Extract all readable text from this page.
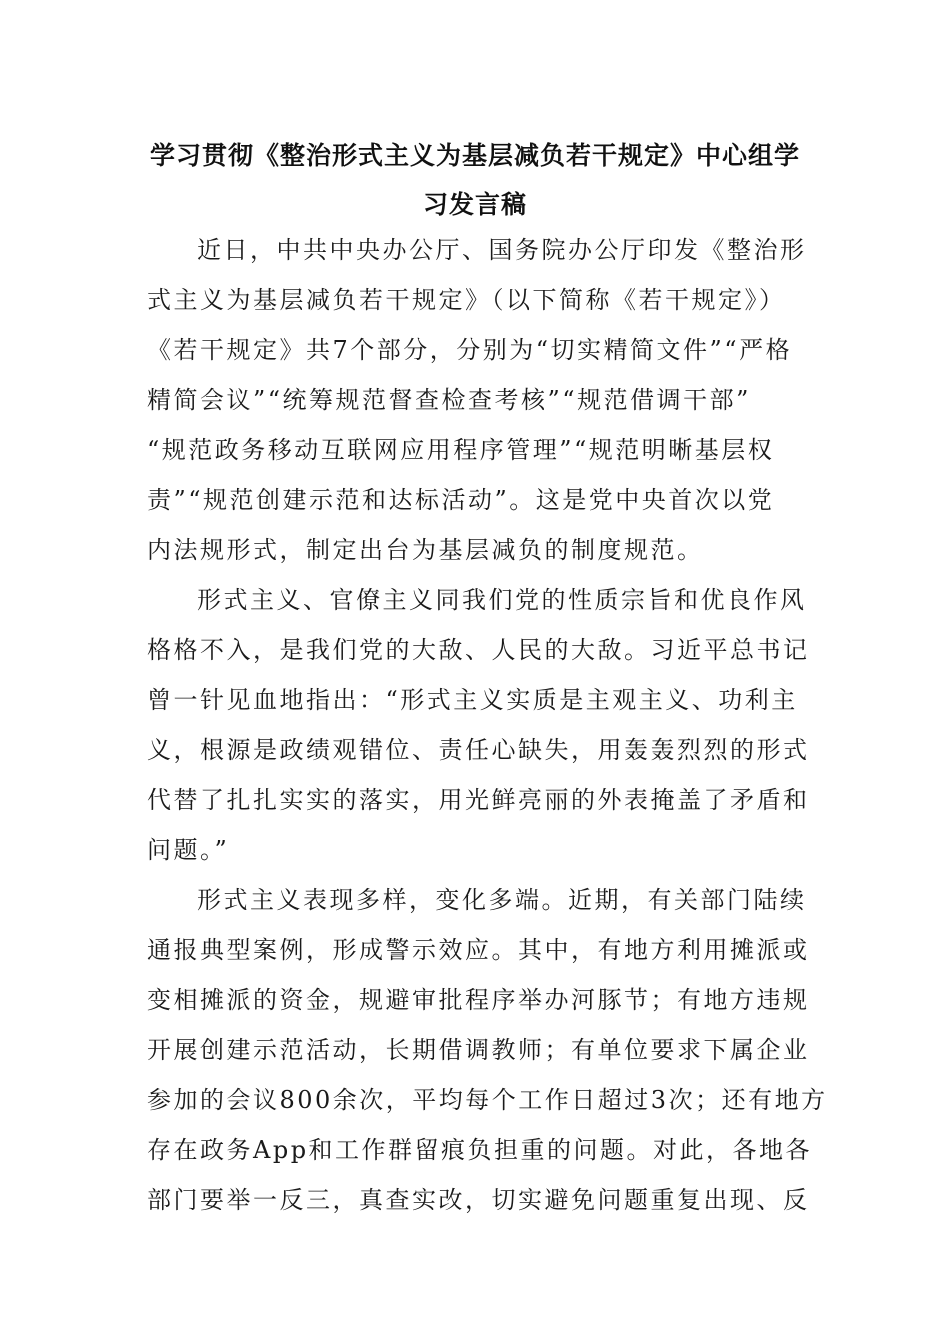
学习贯彻《整治形式主义为基层减负若干规定》中心组学
习发言稿
近日，中共中央办公厅、国务院办公厅印发《整治形
式主义为基层减负若干规定》（以下简称《若干规定》）
《若干规定》共7个部分，分别为“切实精简文件”“严格
精简会议”“统筹规范督查检查考核”“规范借调干部”
“规范政务移动互联网应用程序管理”“规范明晰基层权
责”“规范创建示范和达标活动”。这是党中央首次以党
内法规形式，制定出台为基层减负的制度规范。
形式主义、官僚主义同我们党的性质宗旨和优良作风
格格不入，是我们党的大敌、人民的大敌。习近平总书记
曾一针见血地指出：“形式主义实质是主观主义、功利主
义，根源是政绩观错位、责任心缺失，用轰轰烈烈的形式
代替了扎扎实实的落实，用光鲜亮丽的外表掩盖了矛盾和
问题。”
形式主义表现多样，变化多端。近期，有关部门陆续
通报典型案例，形成警示效应。其中，有地方利用摊派或
变相摊派的资金，规避审批程序举办河豚节；有地方违规
开展创建示范活动，长期借调教师；有单位要求下属企业
参加的会议800余次，平均每个工作日超过3次；还有地方
存在政务App和工作群留痕负担重的问题。对此，各地各
部门要举一反三，真查实改，切实避免问题重复出现、反
